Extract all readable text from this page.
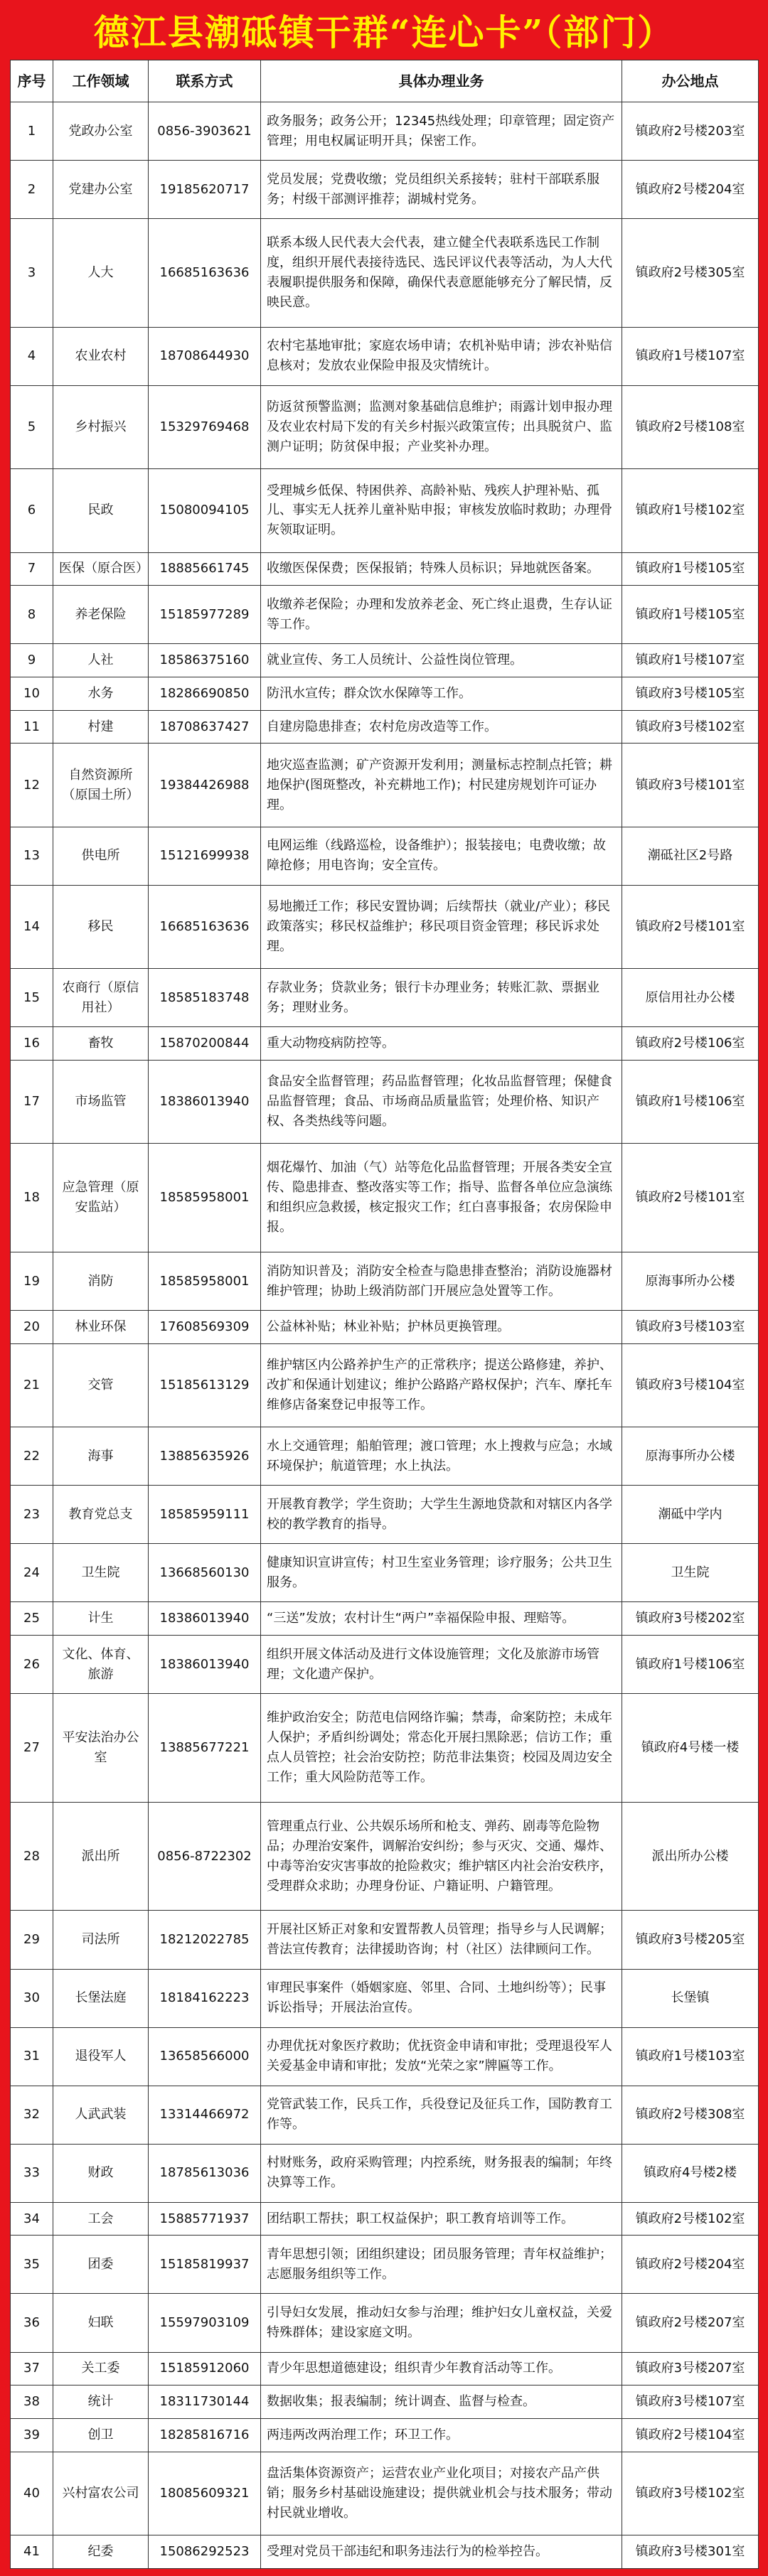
德江县潮砥镇干群“连心卡”（部门）
序号	工作领域	联系方式	具体办理业务	办公地点
1	党政办公室	0856-3903621	政务服务；政务公开；12345热线处理；印章管理；固定资产管理；用电权属证明开具；保密工作。	镇政府2号楼203室
2	党建办公室	19185620717	党员发展；党费收缴；党员组织关系接转；驻村干部联系服务；村级干部测评推荐；湖城村党务。	镇政府2号楼204室
3	人大	16685163636	联系本级人民代表大会代表，建立健全代表联系选民工作制度，组织开展代表接待选民、选民评议代表等活动，为人大代表履职提供服务和保障，确保代表意愿能够充分了解民情，反映民意。	镇政府2号楼305室
4	农业农村	18708644930	农村宅基地审批；家庭农场申请；农机补贴申请；涉农补贴信息核对；发放农业保险申报及灾情统计。	镇政府1号楼107室
5	乡村振兴	15329769468	防返贫预警监测；监测对象基础信息维护；雨露计划申报办理及农业农村局下发的有关乡村振兴政策宣传；出具脱贫户、监测户证明；防贫保申报；产业奖补办理。	镇政府2号楼108室
6	民政	15080094105	受理城乡低保、特困供养、高龄补贴、残疾人护理补贴、孤儿、事实无人抚养儿童补贴申报；审核发放临时救助；办理骨灰领取证明。	镇政府1号楼102室
7	医保（原合医）	18885661745	收缴医保保费；医保报销；特殊人员标识；异地就医备案。	镇政府1号楼105室
8	养老保险	15185977289	收缴养老保险；办理和发放养老金、死亡终止退费，生存认证等工作。	镇政府1号楼105室
9	人社	18586375160	就业宣传、务工人员统计、公益性岗位管理。	镇政府1号楼107室
10	水务	18286690850	防汛水宣传；群众饮水保障等工作。	镇政府3号楼105室
11	村建	18708637427	自建房隐患排查；农村危房改造等工作。	镇政府3号楼102室
12	自然资源所（原国土所）	19384426988	地灾巡查监测；矿产资源开发利用；测量标志控制点托管；耕地保护(图斑整改，补充耕地工作)；村民建房规划许可证办理。	镇政府3号楼101室
13	供电所	15121699938	电网运维（线路巡检，设备维护）；报装接电；电费收缴；故障抢修；用电咨询；安全宣传。	潮砥社区2号路
14	移民	16685163636	易地搬迁工作；移民安置协调；后续帮扶（就业/产业）；移民政策落实；移民权益维护；移民项目资金管理；移民诉求处理。	镇政府2号楼101室
15	农商行（原信用社）	18585183748	存款业务；贷款业务；银行卡办理业务；转账汇款、票据业务；理财业务。	原信用社办公楼
16	畜牧	15870200844	重大动物疫病防控等。	镇政府2号楼106室
17	市场监管	18386013940	食品安全监督管理；药品监督管理；化妆品监督管理；保健食品监督管理；食品、市场商品质量监管；处理价格、知识产权、各类热线等问题。	镇政府1号楼106室
18	应急管理（原安监站）	18585958001	烟花爆竹、加油（气）站等危化品监督管理；开展各类安全宣传、隐患排查、整改落实等工作；指导、监督各单位应急演练和组织应急救援，核定报灾工作；红白喜事报备；农房保险申报。	镇政府2号楼101室
19	消防	18585958001	消防知识普及；消防安全检查与隐患排查整治；消防设施器材维护管理；协助上级消防部门开展应急处置等工作。	原海事所办公楼
20	林业环保	17608569309	公益林补贴；林业补贴；护林员更换管理。	镇政府3号楼103室
21	交管	15185613129	维护辖区内公路养护生产的正常秩序；提送公路修建，养护、改扩和保通计划建议；维护公路路产路权保护；汽车、摩托车维修店备案登记申报等工作。	镇政府3号楼104室
22	海事	13885635926	水上交通管理；船舶管理；渡口管理；水上搜救与应急；水域环境保护；航道管理；水上执法。	原海事所办公楼
23	教育党总支	18585959111	开展教育教学；学生资助；大学生生源地贷款和对辖区内各学校的教学教育的指导。	潮砥中学内
24	卫生院	13668560130	健康知识宣讲宣传；村卫生室业务管理；诊疗服务；公共卫生服务。	卫生院
25	计生	18386013940	“三送”发放；农村计生“两户”幸福保险申报、理赔等。	镇政府3号楼202室
26	文化、体育、旅游	18386013940	组织开展文体活动及进行文体设施管理；文化及旅游市场管理；文化遗产保护。	镇政府1号楼106室
27	平安法治办公室	13885677221	维护政治安全；防范电信网络诈骗；禁毒，命案防控；未成年人保护；矛盾纠纷调处；常态化开展扫黑除恶；信访工作；重点人员管控；社会治安防控；防范非法集资；校园及周边安全工作；重大风险防范等工作。	镇政府4号楼一楼
28	派出所	0856-8722302	管理重点行业、公共娱乐场所和枪支、弹药、剧毒等危险物品；办理治安案件，调解治安纠纷；参与灭灾、交通、爆炸、中毒等治安灾害事故的抢险救灾；维护辖区内社会治安秩序，受理群众求助；办理身份证、户籍证明、户籍管理。	派出所办公楼
29	司法所	18212022785	开展社区矫正对象和安置帮教人员管理；指导乡与人民调解；普法宣传教育；法律援助咨询；村（社区）法律顾问工作。	镇政府3号楼205室
30	长堡法庭	18184162223	审理民事案件（婚姻家庭、邻里、合同、土地纠纷等）；民事诉讼指导；开展法治宣传。	长堡镇
31	退役军人	13658566000	办理优抚对象医疗救助；优抚资金申请和审批；受理退役军人关爱基金申请和审批；发放“光荣之家”牌匾等工作。	镇政府1号楼103室
32	人武武装	13314466972	党管武装工作，民兵工作，兵役登记及征兵工作，国防教育工作等。	镇政府2号楼308室
33	财政	18785613036	村财账务，政府采购管理；内控系统，财务报表的编制；年终决算等工作。	镇政府4号楼2楼
34	工会	15885771937	团结职工帮扶；职工权益保护；职工教育培训等工作。	镇政府2号楼102室
35	团委	15185819937	青年思想引领；团组织建设；团员服务管理；青年权益维护；志愿服务组织等工作。	镇政府2号楼204室
36	妇联	15597903109	引导妇女发展，推动妇女参与治理；维护妇女儿童权益，关爱特殊群体；建设家庭文明。	镇政府2号楼207室
37	关工委	15185912060	青少年思想道德建设；组织青少年教育活动等工作。	镇政府3号楼207室
38	统计	18311730144	数据收集；报表编制；统计调查、监督与检查。	镇政府3号楼107室
39	创卫	18285816716	两违两改两治理工作；环卫工作。	镇政府2号楼104室
40	兴村富农公司	18085609321	盘活集体资源资产；运营农业产业化项目；对接农产品产供销；服务乡村基础设施建设；提供就业机会与技术服务；带动村民就业增收。	镇政府3号楼102室
41	纪委	15086292523	受理对党员干部违纪和职务违法行为的检举控告。	镇政府3号楼301室
